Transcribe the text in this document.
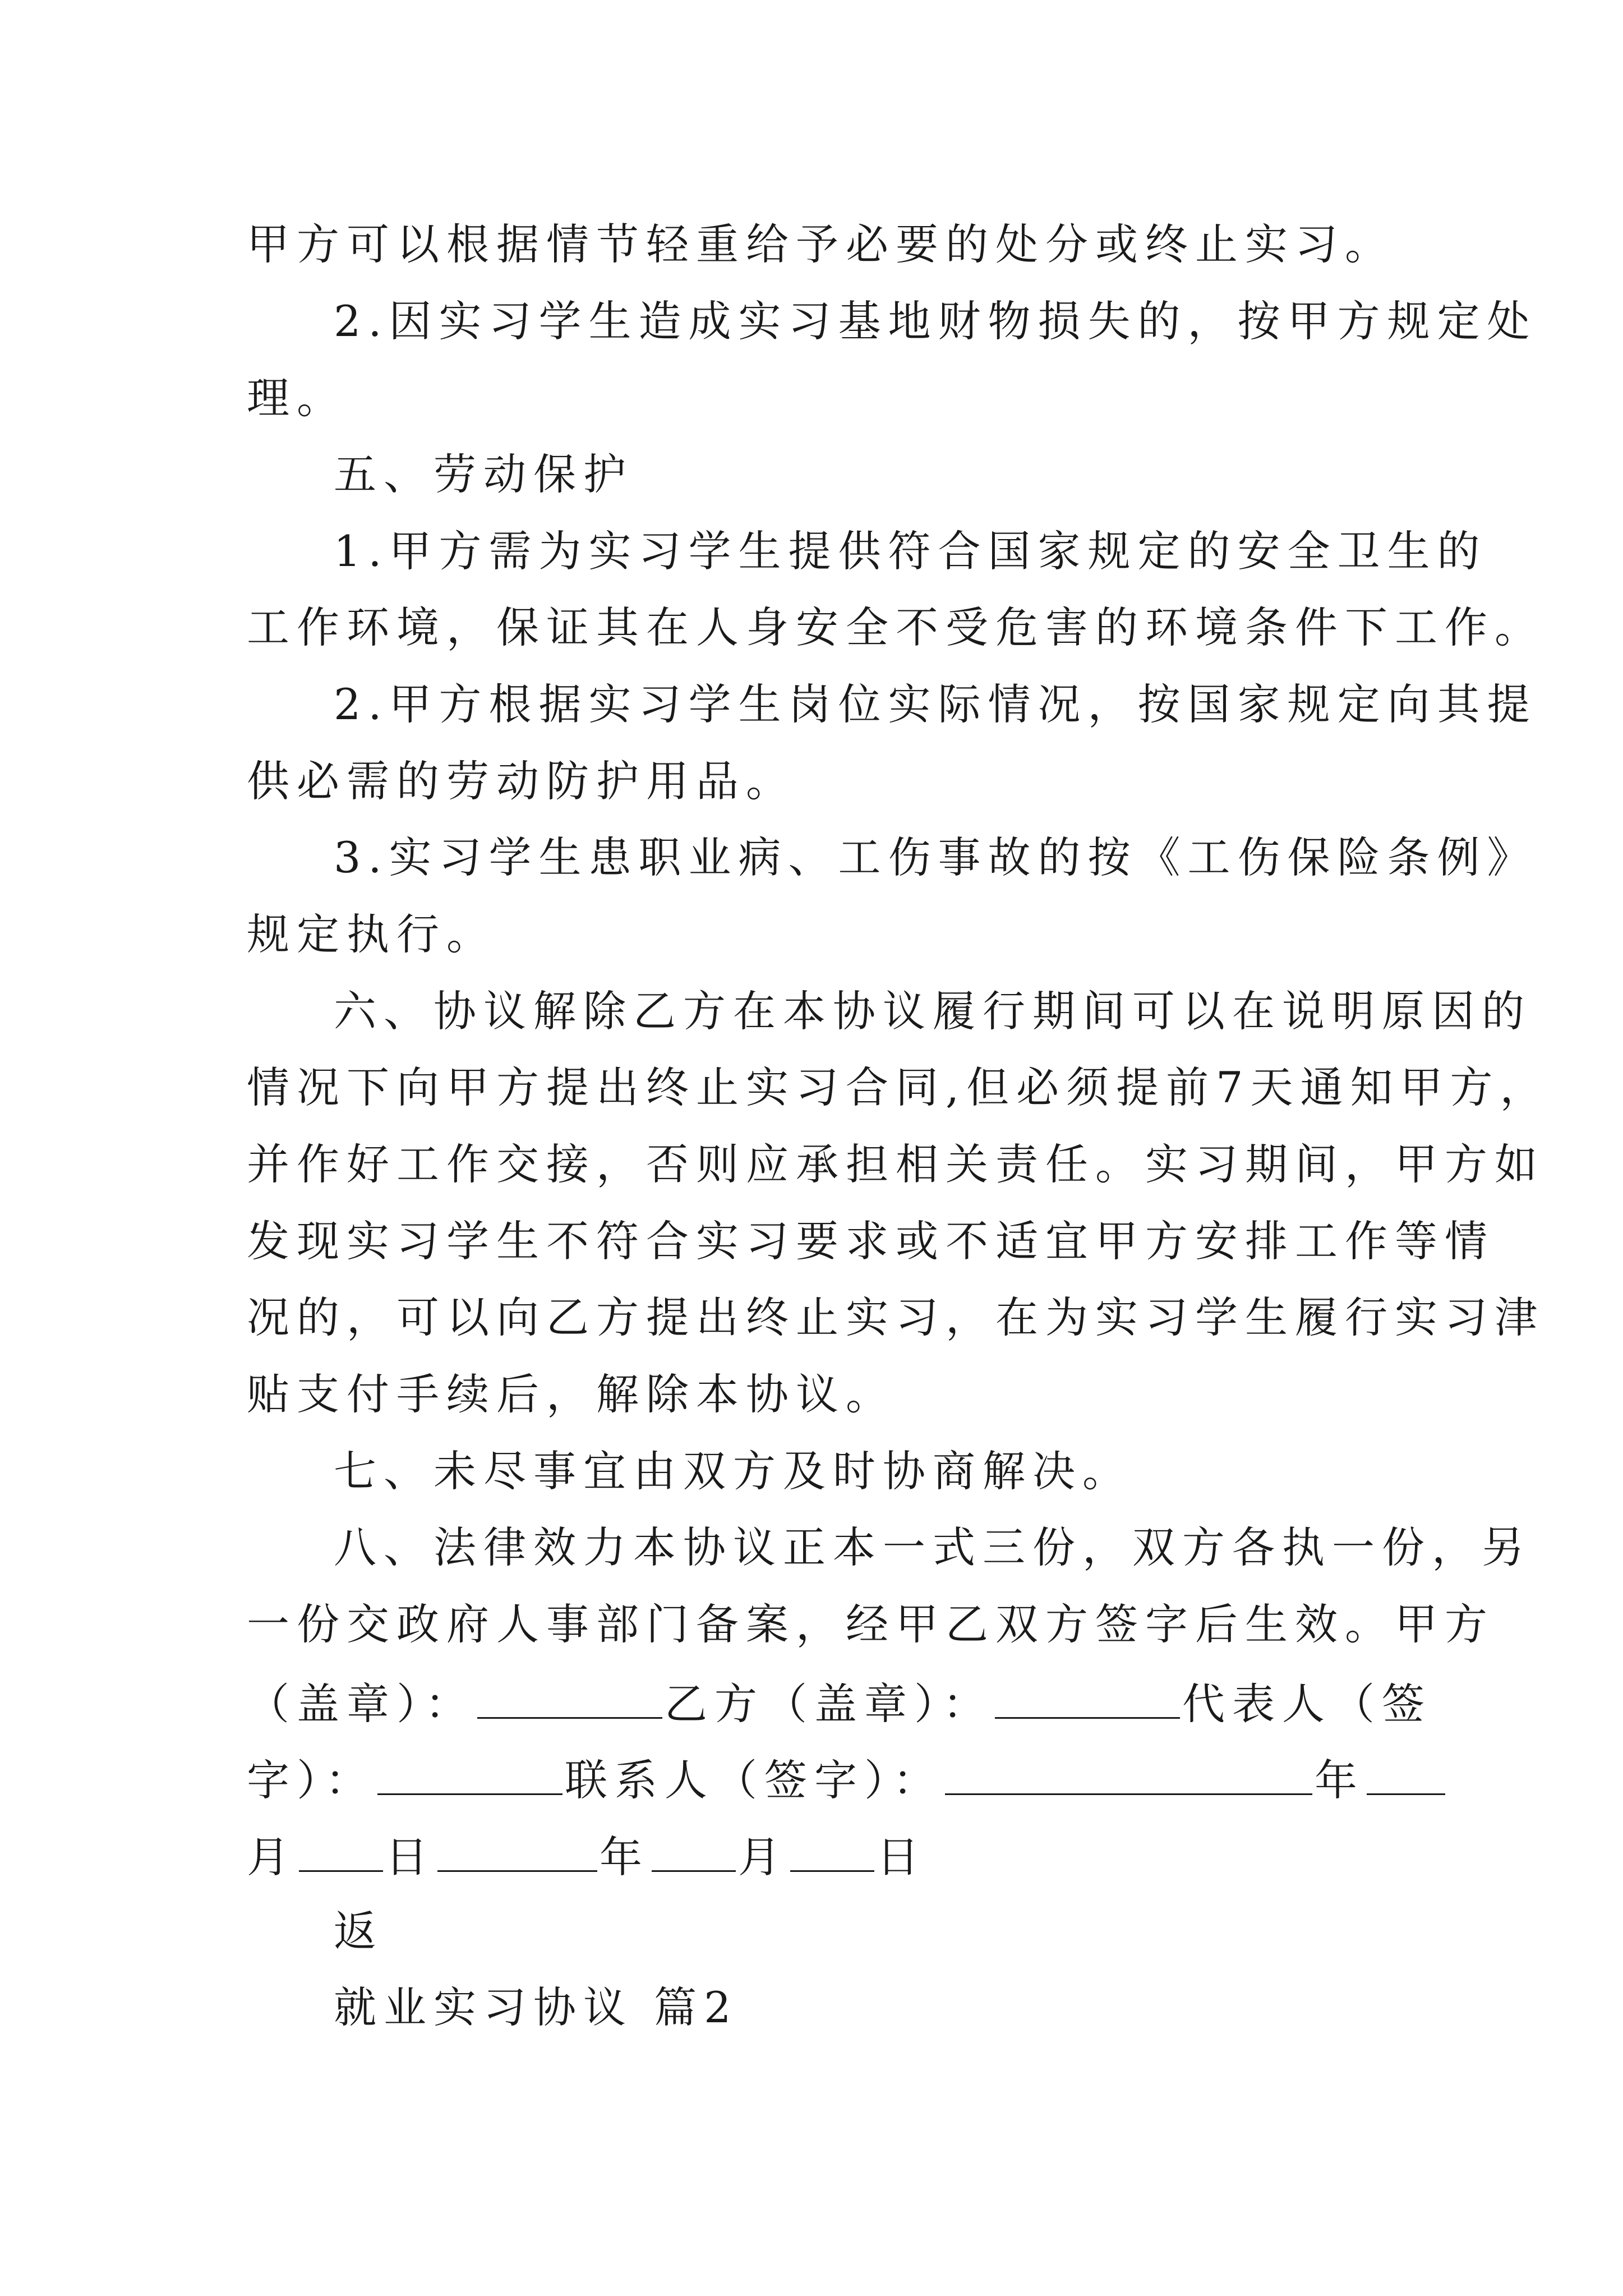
甲方可以根据情节轻重给予必要的处分或终止实习。
2.因实习学生造成实习基地财物损失的，按甲方规定处
理。
五、劳动保护
1.甲方需为实习学生提供符合国家规定的安全卫生的
工作环境，保证其在人身安全不受危害的环境条件下工作。
2.甲方根据实习学生岗位实际情况，按国家规定向其提
供必需的劳动防护用品。
3.实习学生患职业病、工伤事故的按《工伤保险条例》
规定执行。
六、协议解除乙方在本协议履行期间可以在说明原因的
情况下向甲方提出终止实习合同,但必须提前7天通知甲方，
并作好工作交接，否则应承担相关责任。实习期间，甲方如
发现实习学生不符合实习要求或不适宜甲方安排工作等情
况的，可以向乙方提出终止实习，在为实习学生履行实习津
贴支付手续后，解除本协议。
七、未尽事宜由双方及时协商解决。
八、法律效力本协议正本一式三份，双方各执一份，另
一份交政府人事部门备案，经甲乙双方签字后生效。甲方
（盖章）：	乙方（盖章）：	代表人（签
字）：	联系人（签字）：	年
月 日	年 月 日
返
就业实习协议 篇2
